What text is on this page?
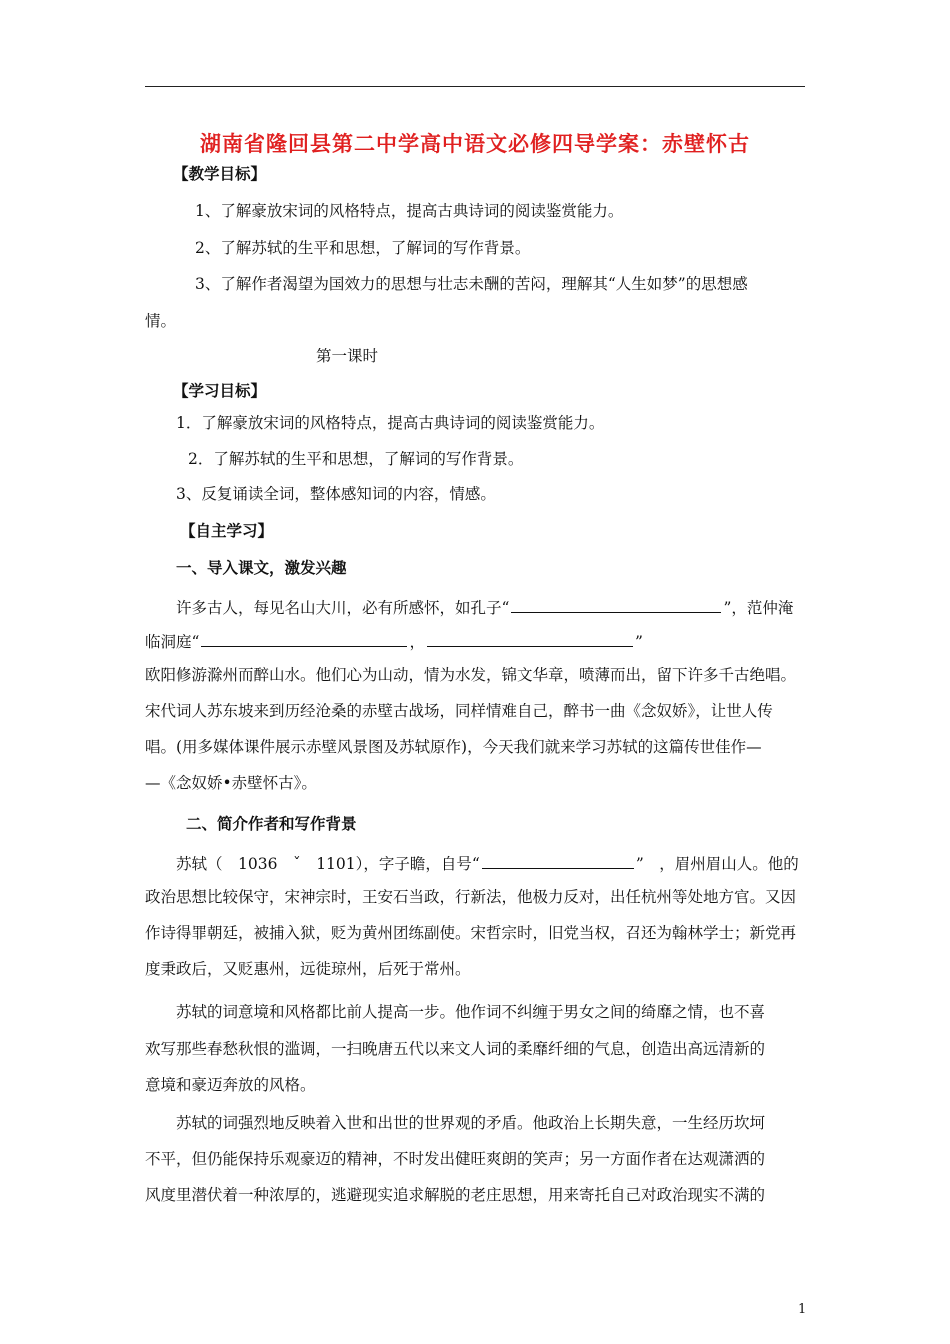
湖南省隆回县第二中学高中语文必修四导学案：赤壁怀古
【教学目标】
1、了解豪放宋词的风格特点，提高古典诗词的阅读鉴赏能力。
2、了解苏轼的生平和思想，了解词的写作背景。
3、了解作者渴望为国效力的思想与壮志未酬的苦闷，理解其“人生如梦”的思想感
情。
第一课时
【学习目标】
1．了解豪放宋词的风格特点，提高古典诗词的阅读鉴赏能力。
2．了解苏轼的生平和思想，了解词的写作背景。
3、反复诵读全词，整体感知词的内容，情感。
【自主学习】
一、导入课文，激发兴趣
许多古人，每见名山大川，必有所感怀，如孔子“	”，范仲淹
临洞庭“	，	”
欧阳修游滁州而醉山水。他们心为山动，情为水发，锦文华章，喷薄而出，留下许多千古绝唱。
宋代词人苏东坡来到历经沧桑的赤壁古战场，同样情难自己，醉书一曲《念奴娇》，让世人传
唱。(用多媒体课件展示赤壁风景图及苏轼原作)，今天我们就来学习苏轼的这篇传世佳作—
—《念奴娇•赤壁怀古》。
二、简介作者和写作背景
苏轼（　1036　ˇ　1101），字子瞻，自号“	”　，眉州眉山人。他的
政治思想比较保守，宋神宗时，王安石当政，行新法，他极力反对，出任杭州等处地方官。又因
作诗得罪朝廷，被捕入狱，贬为黄州团练副使。宋哲宗时，旧党当权，召还为翰林学士；新党再
度秉政后，又贬惠州，远徙琼州，后死于常州。
苏轼的词意境和风格都比前人提高一步。他作词不纠缠于男女之间的绮靡之情，也不喜
欢写那些春愁秋恨的滥调，一扫晚唐五代以来文人词的柔靡纤细的气息，创造出高远清新的
意境和豪迈奔放的风格。
苏轼的词强烈地反映着入世和出世的世界观的矛盾。他政治上长期失意，一生经历坎坷
不平，但仍能保持乐观豪迈的精神，不时发出健旺爽朗的笑声；另一方面作者在达观潇洒的
风度里潜伏着一种浓厚的，逃避现实追求解脱的老庄思想，用来寄托自己对政治现实不满的
1
